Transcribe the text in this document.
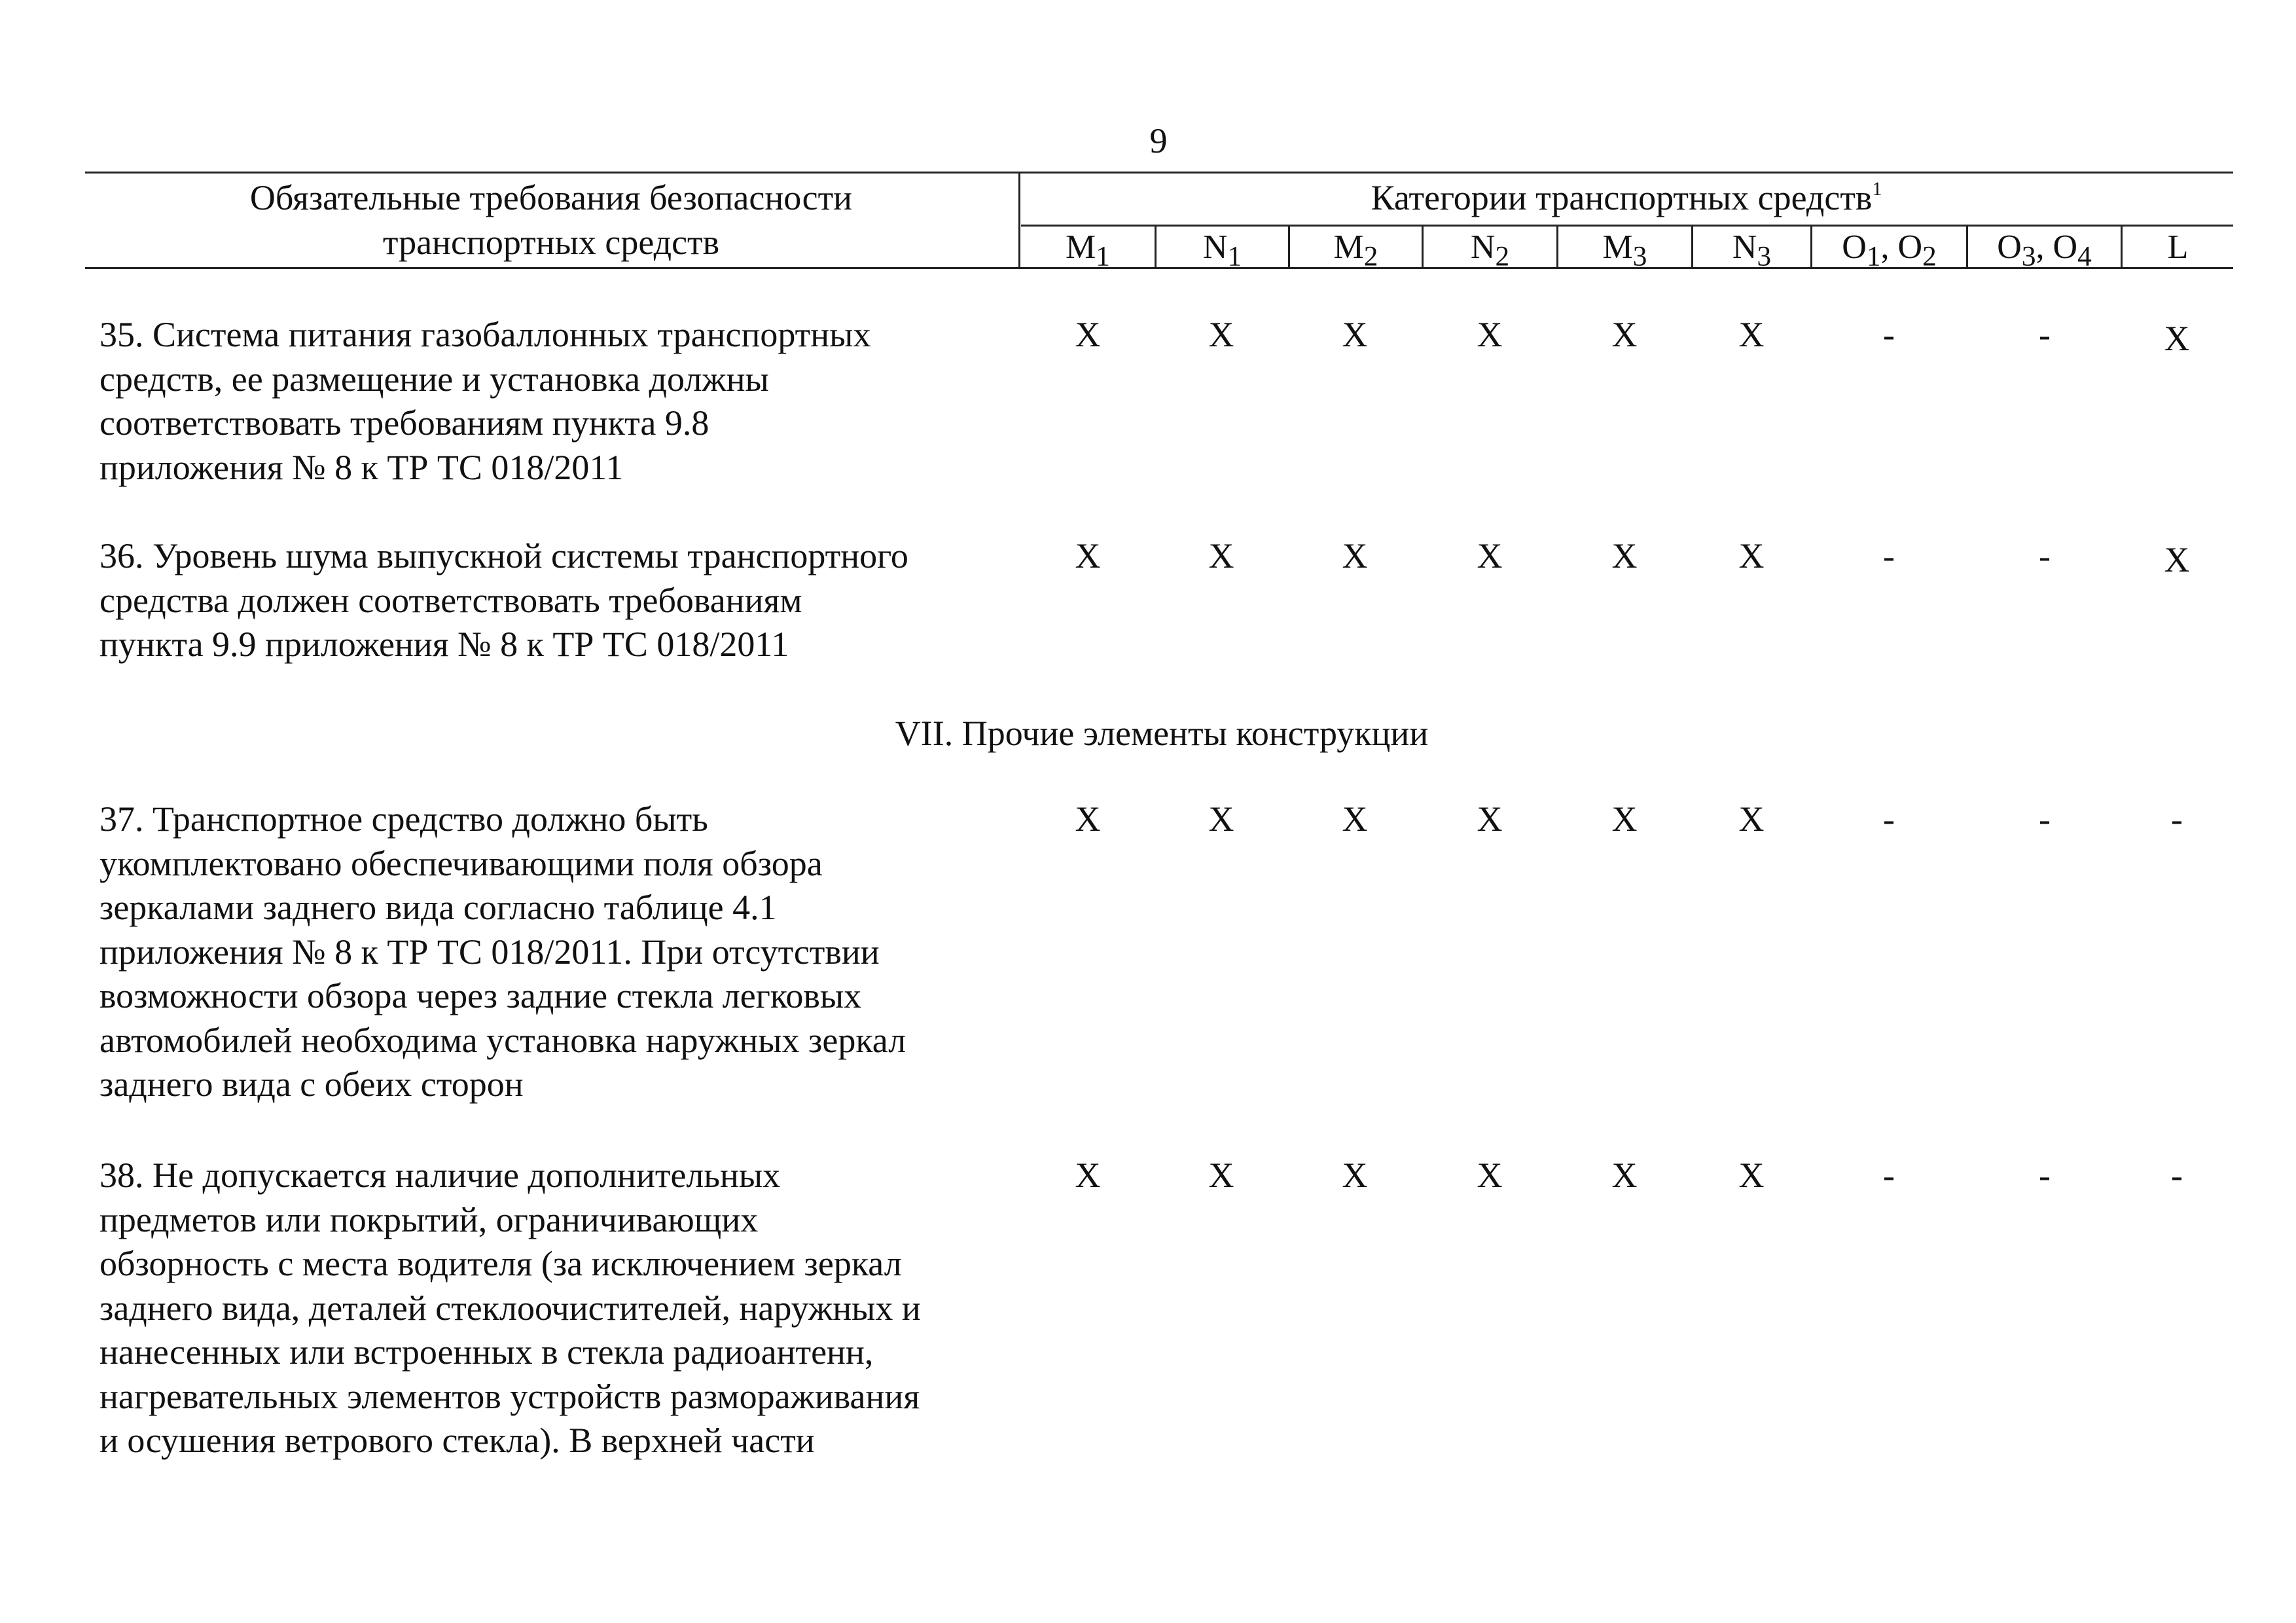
9
Обязательные требования безопасности
транспортных средств
Категории транспортных средств$^1$
$M_1$	$N_1$	$M_2$	$N_2$	$M_3$	$N_3$	$O_1$, $O_2$	$O_3$, $O_4$	L
35. Система питания газобаллонных транспортных
средств, ее размещение и установка должны
соответствовать требованиям пункта 9.8
приложения № 8 к ТР ТС 018/2011
X	X	X	X	X	X	-	-	X
36. Уровень шума выпускной системы транспортного
средства должен соответствовать требованиям
пункта 9.9 приложения № 8 к ТР ТС 018/2011
X	X	X	X	X	X	-	-	X
VII. Прочие элементы конструкции
37. Транспортное средство должно быть
укомплектовано обеспечивающими поля обзора
зеркалами заднего вида согласно таблице 4.1
приложения № 8 к ТР ТС 018/2011. При отсутствии
возможности обзора через задние стекла легковых
автомобилей необходима установка наружных зеркал
заднего вида с обеих сторон
X	X	X	X	X	X	-	-	-
38. Не допускается наличие дополнительных
предметов или покрытий, ограничивающих
обзорность с места водителя (за исключением зеркал
заднего вида, деталей стеклоочистителей, наружных и
нанесенных или встроенных в стекла радиоантенн,
нагревательных элементов устройств размораживания
и осушения ветрового стекла). В верхней части
X	X	X	X	X	X	-	-	-
